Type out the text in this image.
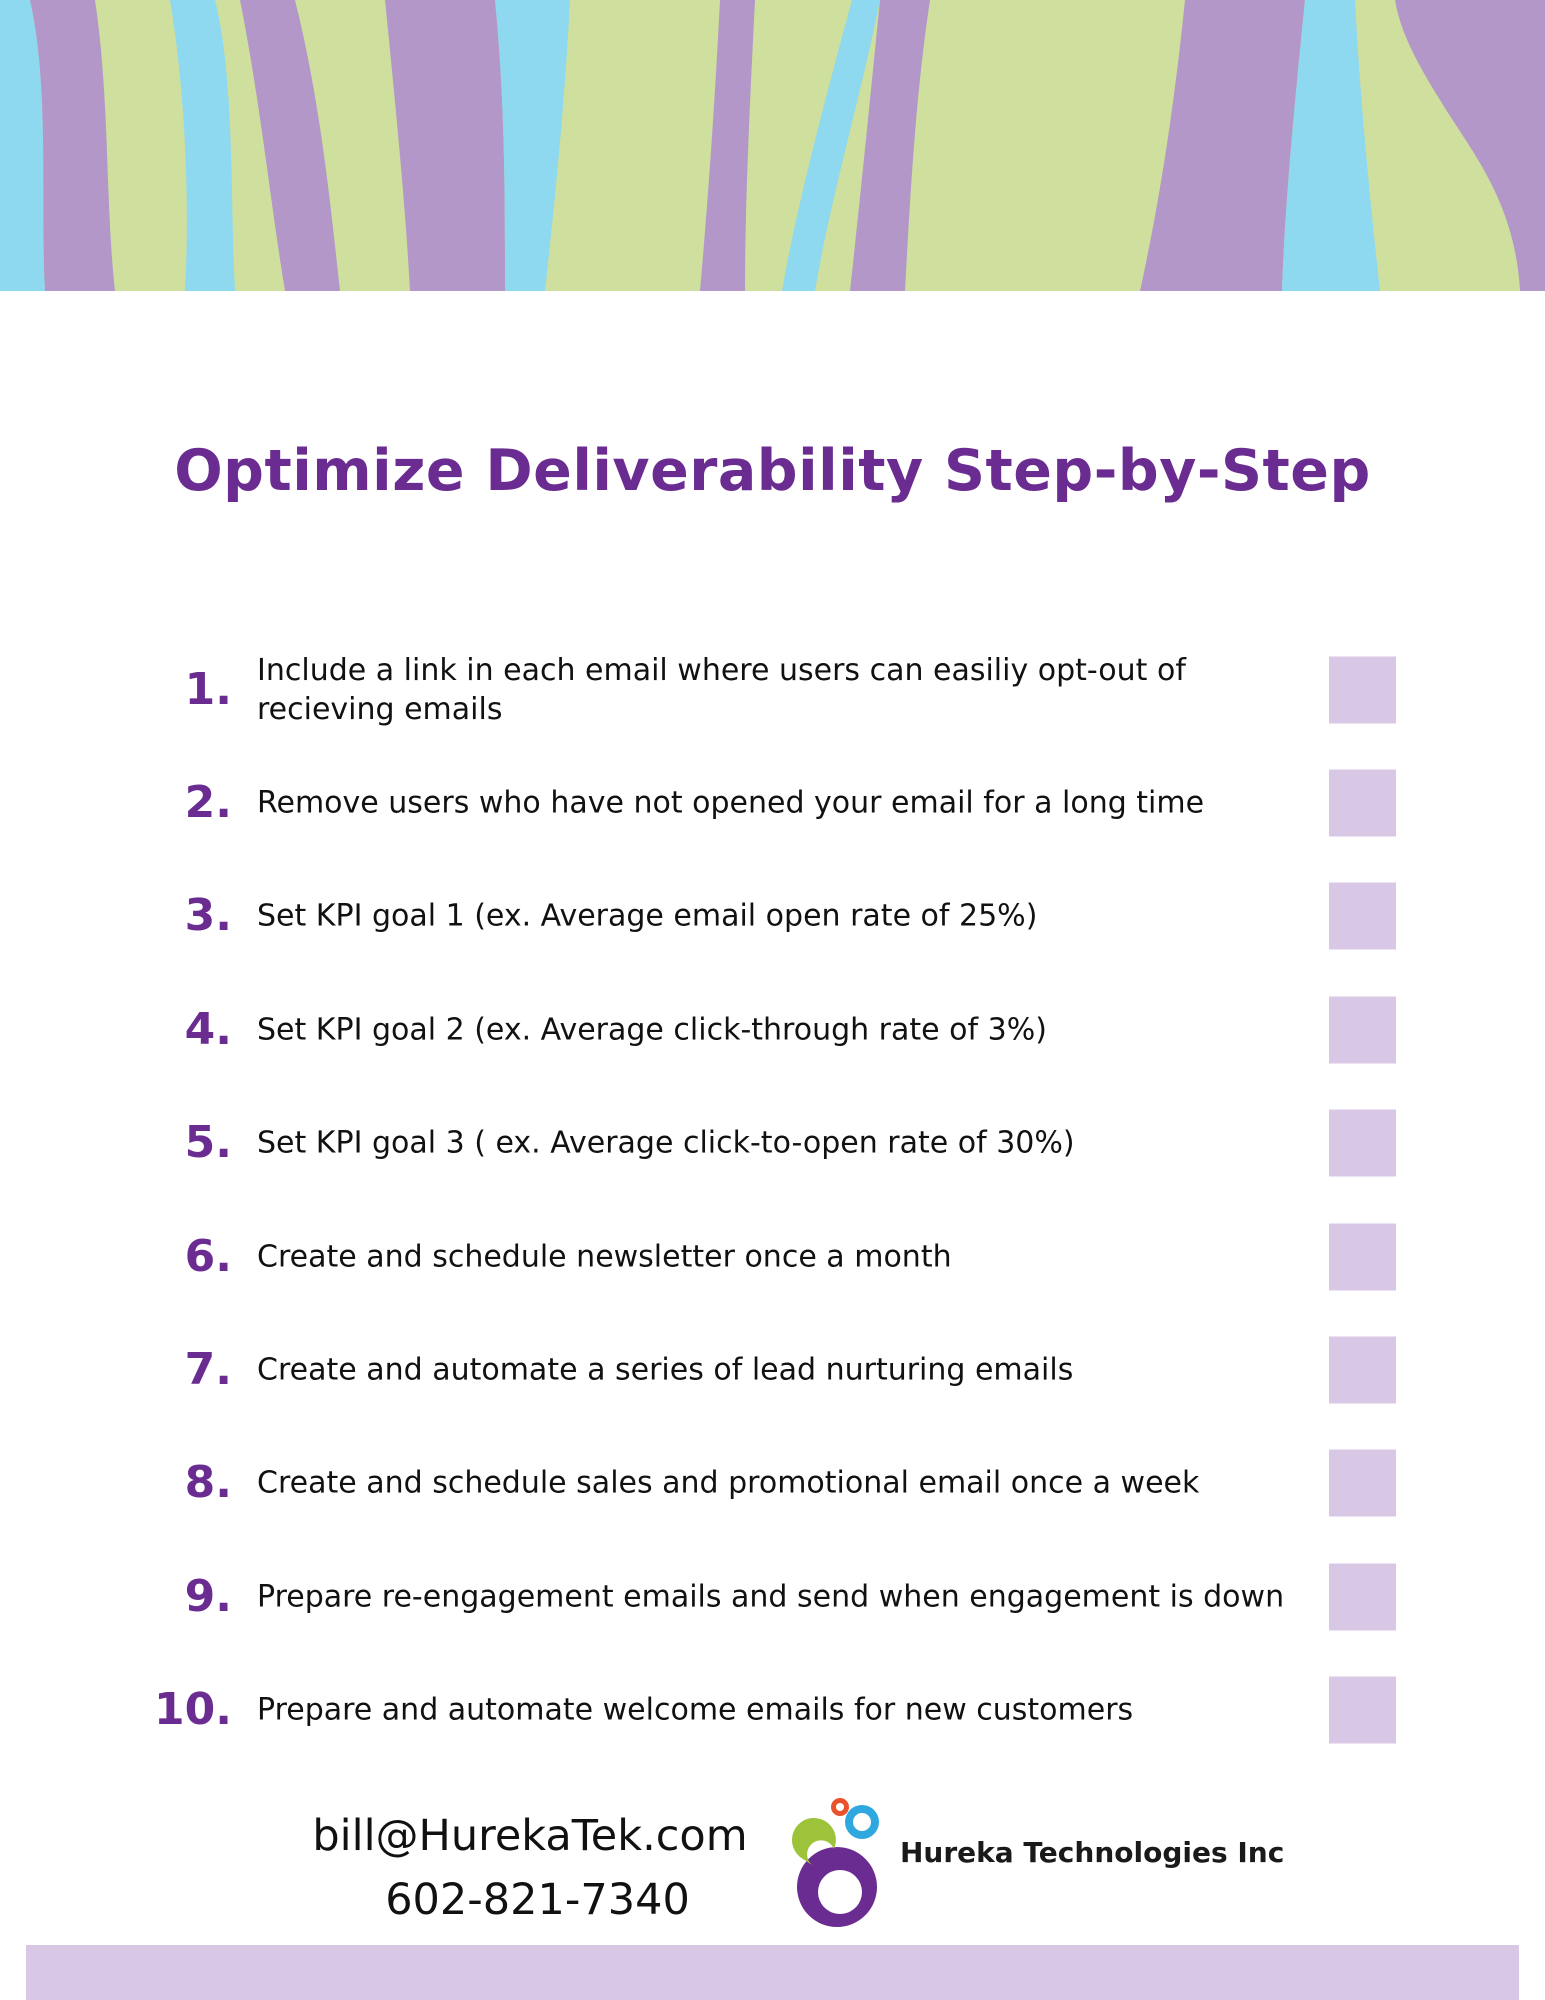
Optimize Deliverability Step-by-Step
1. Include a link in each email where users can easiliy opt-out of recieving emails
2. Remove users who have not opened your email for a long time
3. Set KPI goal 1 (ex. Average email open rate of 25%)
4. Set KPI goal 2 (ex. Average click-through rate of 3%)
5. Set KPI goal 3 ( ex. Average click-to-open rate of 30%)
6. Create and schedule newsletter once a month
7. Create and automate a series of lead nurturing emails
8. Create and schedule sales and promotional email once a week
9. Prepare re-engagement emails and send when engagement is down
10. Prepare and automate welcome emails for new customers
bill@HurekaTek.com
602-821-7340
Hureka Technologies Inc
